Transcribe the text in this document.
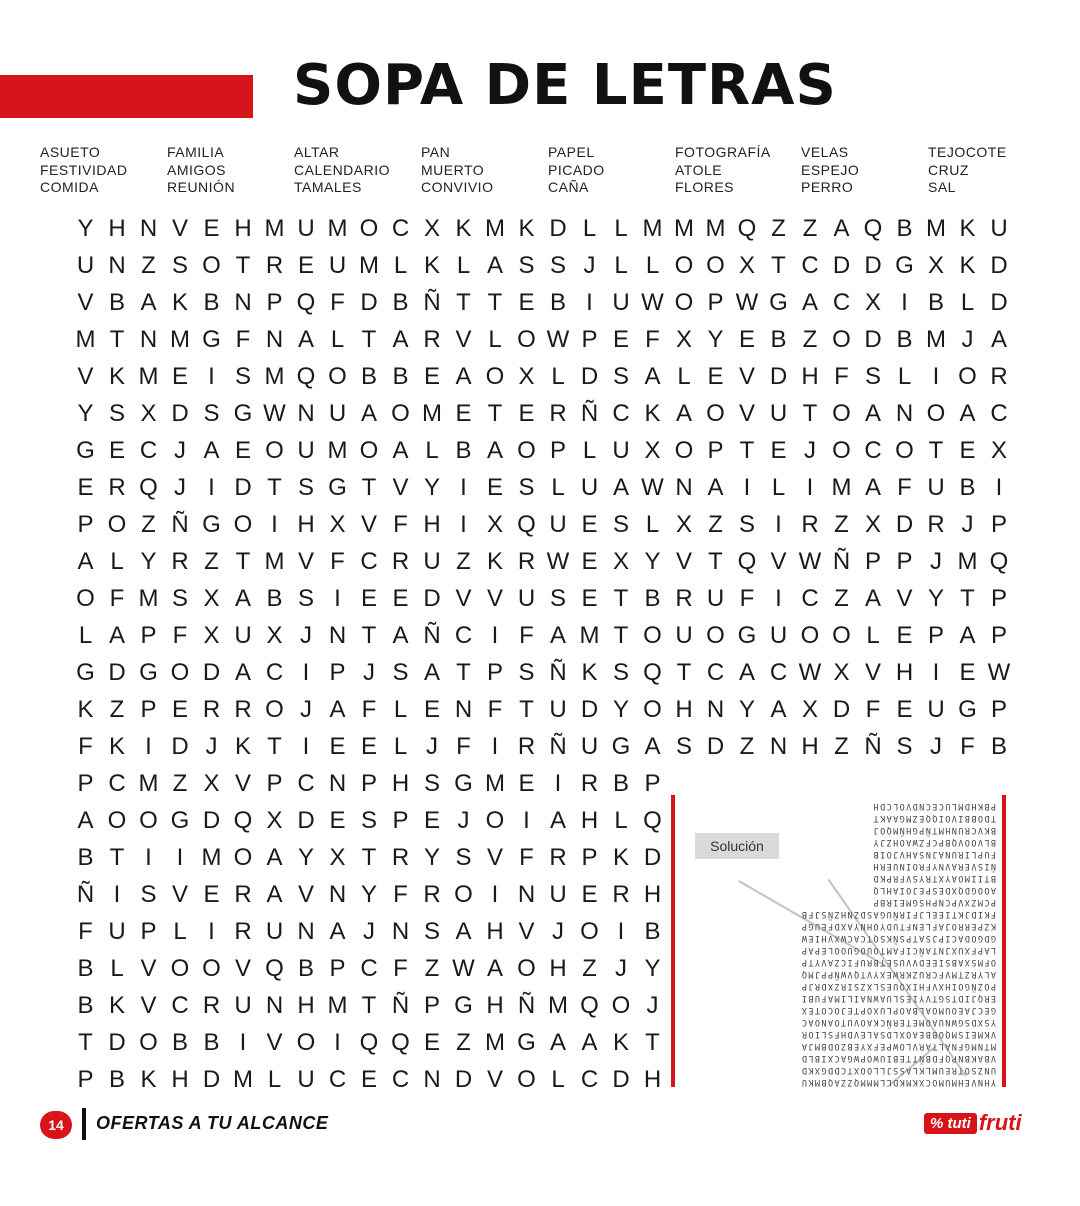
SOPA DE LETRAS
ASUETO
FESTIVIDAD
COMIDA
FAMILIA
AMIGOS
REUNIÓN
ALTAR
CALENDARIO
TAMALES
PAN
MUERTO
CONVIVIO
PAPEL
PICADO
CAÑA
FOTOGRAFÍA
ATOLE
FLORES
VELAS
ESPEJO
PERRO
TEJOCOTE
CRUZ
SAL
Y H N V E H M U M O C X K M K D L L M M M Q Z Z A Q B M K U
U N Z S O T R E U M L K L A S S J L L O O X T C D D G X K D
V B A K B N P Q F D B Ñ T T E B I U W O P W G A C X I B L D
M T N M G F N A L T A R V L O W P E F X Y E B Z O D B M J A
V K M E I S M Q O B B E A O X L D S A L E V D H F S L I O R
Y S X D S G W N U A O M E T E R Ñ C K A O V U T O A N O A C
G E C J A E O U M O A L B A O P L U X O P T E J O C O T E X
E R Q J I D T S G T V Y I E S L U A W N A I L I M A F U B I
P O Z Ñ G O I H X V F H I X Q U E S L X Z S I R Z X D R J P
A L Y R Z T M V F C R U Z K R W E X Y V T Q V W Ñ P P J M Q
O F M S X A B S I E E D V V U S E T B R U F I C Z A V Y T P
L A P F X U X J N T A Ñ C I F A M T O U O G U O O L E P A P
G D G O D A C I P J S A T P S Ñ K S Q T C A C W X V H I E W
K Z P E R R O J A F L E N F T U D Y O H N Y A X D F E U G P
F K I D J K T I E E L J F I R Ñ U G A S D Z N H Z Ñ S J F B
P C M Z X V P C N P H S G M E I R B P
A O O G D Q X D E S P E J O I A H L Q
B T I	I M O A Y X T R Y S V F R P K D
Ñ I S V E R A V N Y F R O I N U E R H
F U P L I R U N A J N S A H V J O I B
B L V O O V Q B P C F Z W A O H Z J Y
B K V C R U N H M T Ñ P G H Ñ M Q O J
T D O B B I V O I Q Q E Z M G A A K T
P B K H D M L U C E C N D V O L C D H	YHNVEHMUMOCXKMKDLLMMMQZZAQBMKU
UNZSOTREUMLKLASSJLLOOXTCDDGXKD
VBAKBNPQFDBÑTTEBIUWOPWGACXIBLD
MTNMGFNALTARVLOWPEFXYEBZODBMJA
VKMEISMQOBBEAOXLDSALEVDHFSLIOR
YSXDSGWNUAOMETERÑCKAOVUTOANOAC
GECJAEOUMOALBAOPLUXOPTEJOCOTEX
ERQJIDTSGTVYIESLUAWNAILIMAFUBI
POZÑGOIHXVFHIXQUESLXZSIRZXDRJP
ALYRZTMVFCRUZKRWEXYVTQVWÑPPJMQ
OFMSXABSIEEDVVUSETBRUFICZAVYTP
LAPFXUXJNTAÑCIFAMTOUOGUOOLEPAP
GDGODACIPJSATPSÑKSQTCACWXVHIEW
KZPERROJAFLENFTUDYOHNYAXDFEUGP
FKIDJKTIEELJFIRÑUGASDZNHZÑSJFB
PCMZXVPCNPHSGMEIRBP
AOOGDQXDESPEJOIAHLQ
BTIIMOAYXTRYSVFRPKD
ÑISVERAVNYFROINUERH
FUPLIRUNAJNSAHVJOIB
BLVOOVQBPCFZWAOHZJY
BKVCRUNHMTÑPGHÑMQOJ
TDOBBIVOIQQEZMGAAKT
PBKHDMLUCECNDVOLCDH
Solución
14	OFERTAS A TU ALCANCE	% tuti fruti
